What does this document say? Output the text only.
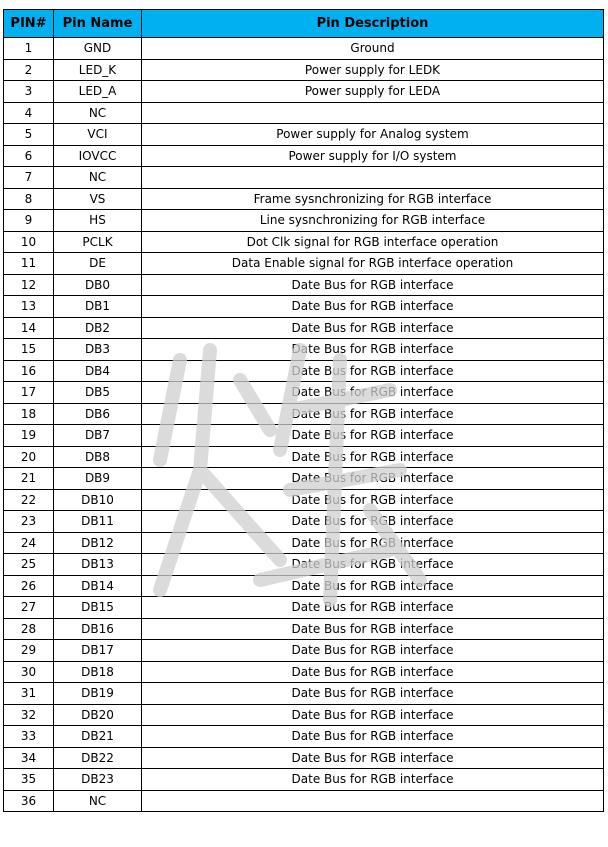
PIN#	Pin Name	Pin Description
1	GND	Ground
2	LED_K	Power supply for LEDK
3	LED_A	Power supply for LEDA
4	NC	
5	VCI	Power supply for Analog system
6	IOVCC	Power supply for I/O system
7	NC	
8	VS	Frame sysnchronizing for RGB interface
9	HS	Line sysnchronizing for RGB interface
10	PCLK	Dot Clk signal for RGB interface operation
11	DE	Data Enable signal for RGB interface operation
12	DB0	Date Bus for RGB interface
13	DB1	Date Bus for RGB interface
14	DB2	Date Bus for RGB interface
15	DB3	Date Bus for RGB interface
16	DB4	Date Bus for RGB interface
17	DB5	Date Bus for RGB interface
18	DB6	Date Bus for RGB interface
19	DB7	Date Bus for RGB interface
20	DB8	Date Bus for RGB interface
21	DB9	Date Bus for RGB interface
22	DB10	Date Bus for RGB interface
23	DB11	Date Bus for RGB interface
24	DB12	Date Bus for RGB interface
25	DB13	Date Bus for RGB interface
26	DB14	Date Bus for RGB interface
27	DB15	Date Bus for RGB interface
28	DB16	Date Bus for RGB interface
29	DB17	Date Bus for RGB interface
30	DB18	Date Bus for RGB interface
31	DB19	Date Bus for RGB interface
32	DB20	Date Bus for RGB interface
33	DB21	Date Bus for RGB interface
34	DB22	Date Bus for RGB interface
35	DB23	Date Bus for RGB interface
36	NC	
